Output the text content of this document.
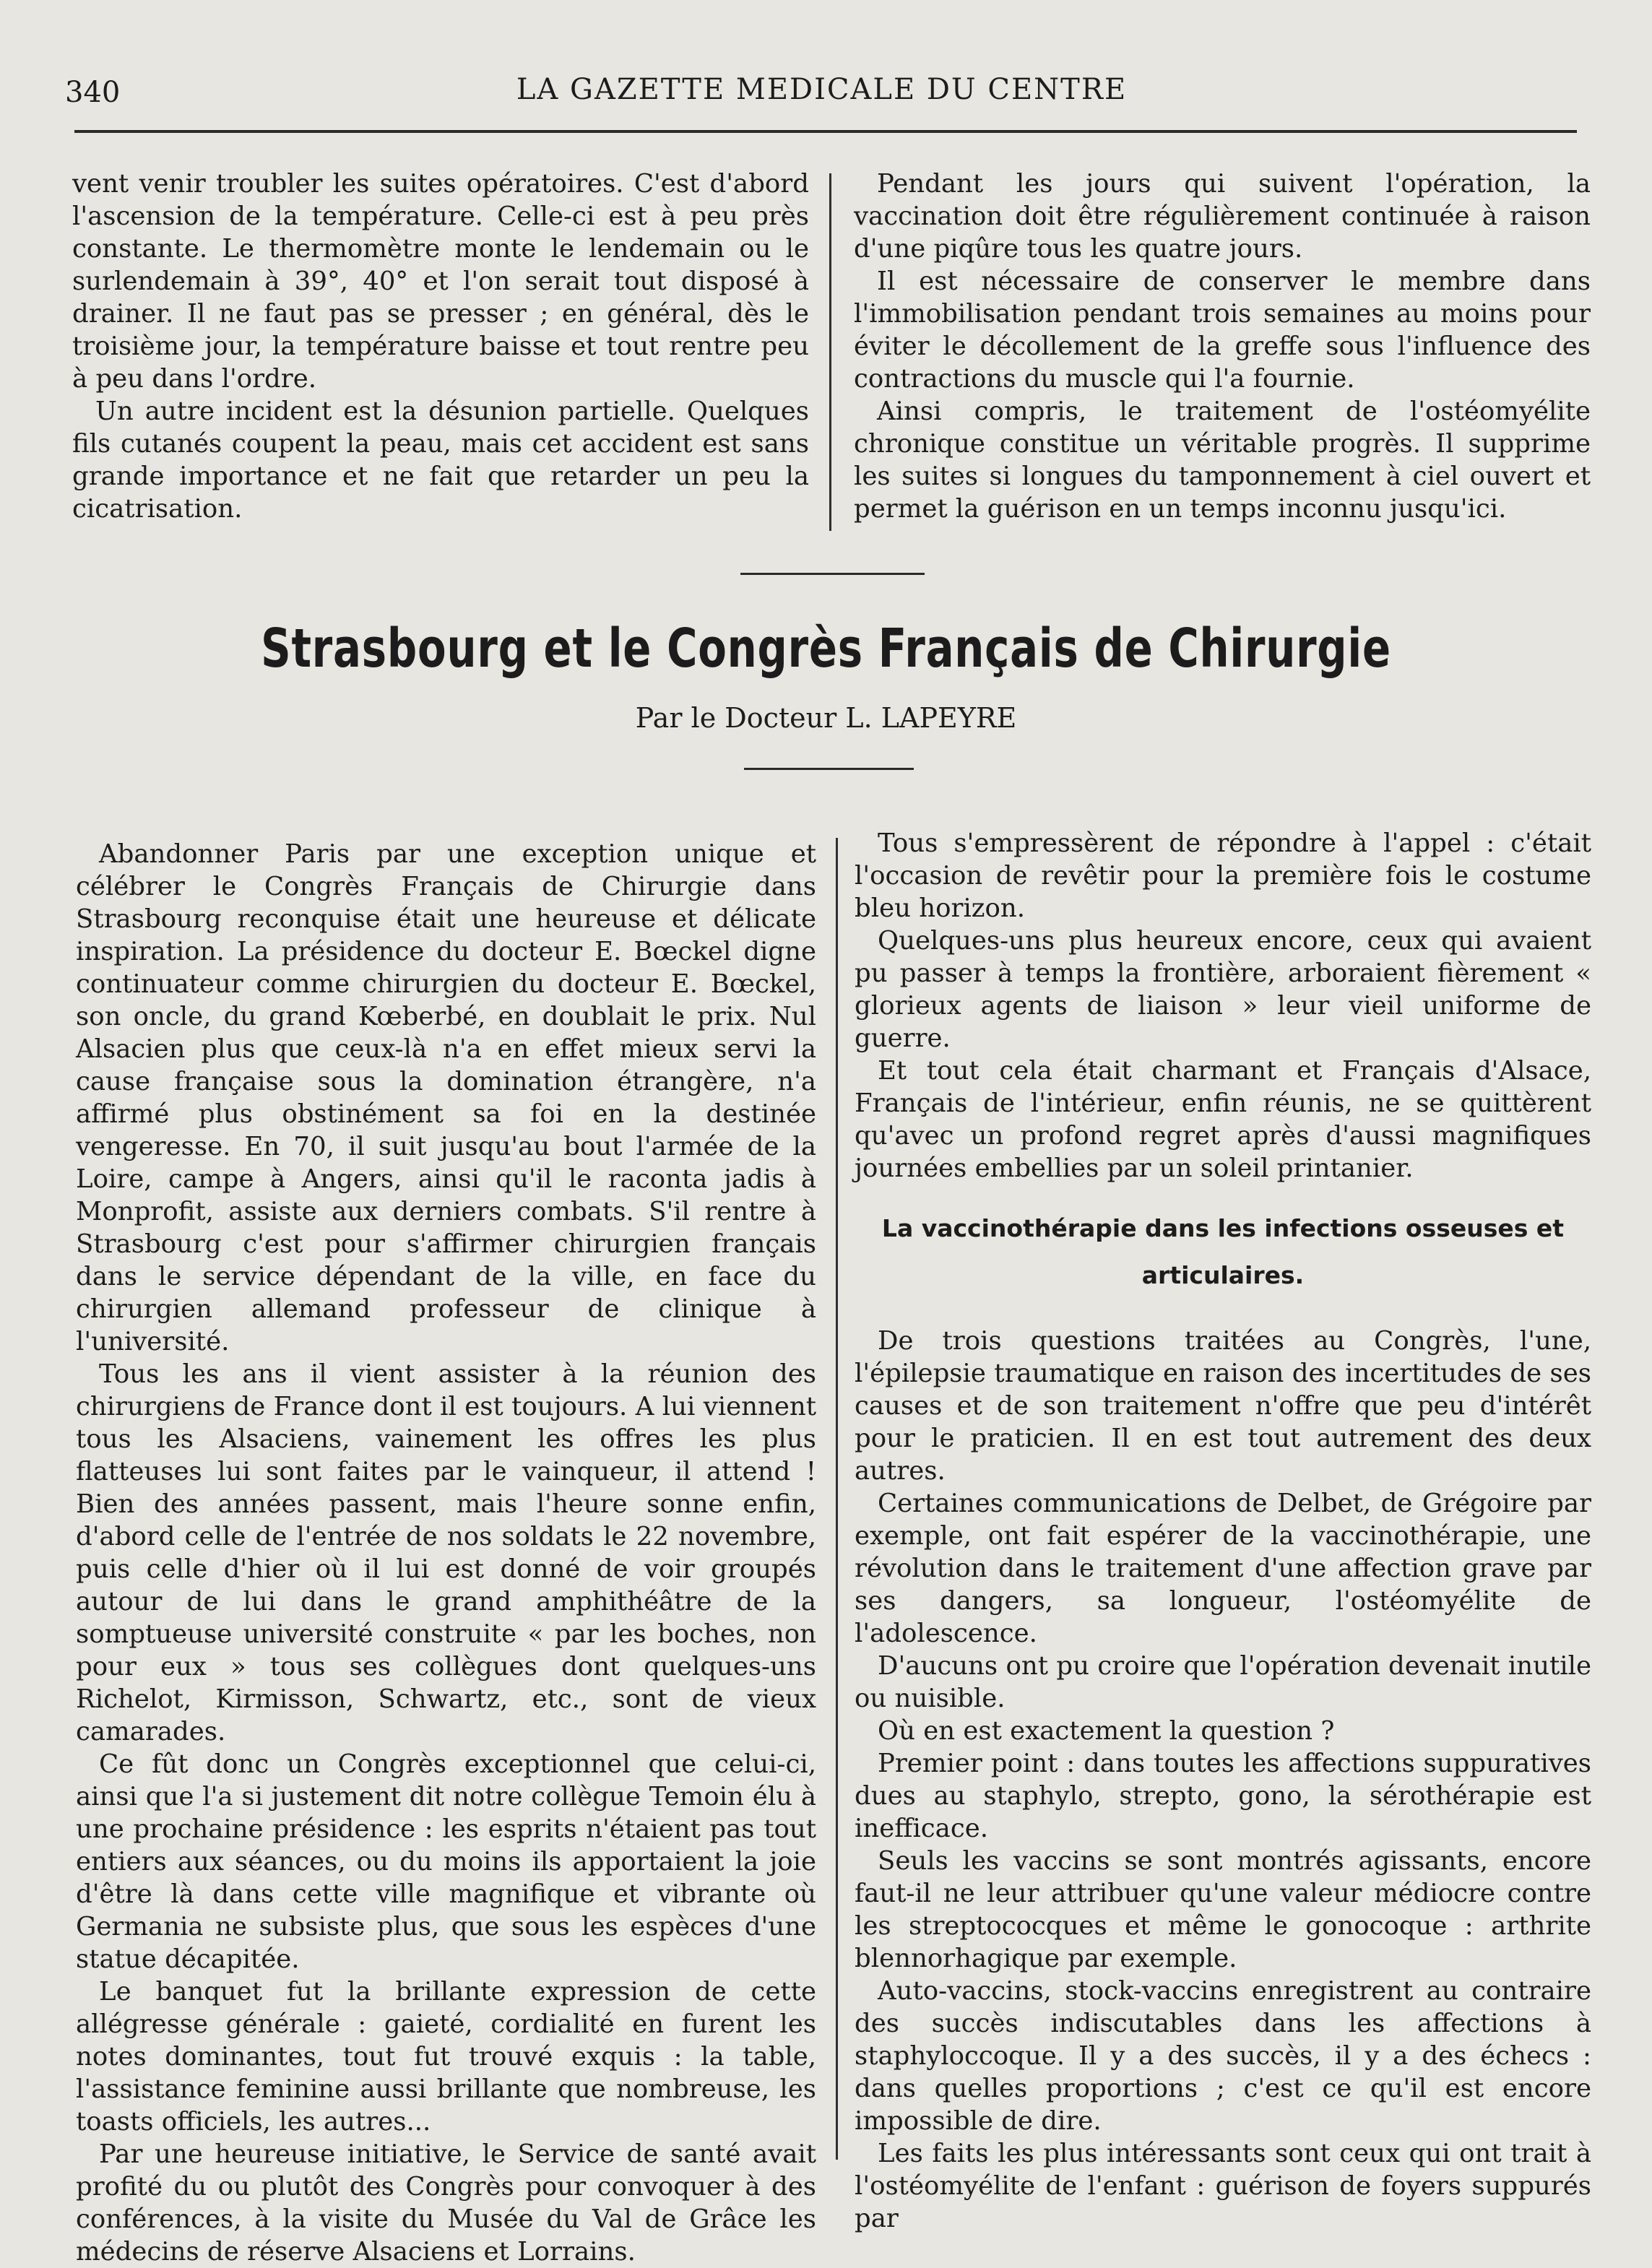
340	LA GAZETTE MEDICALE DU CENTRE

vent venir troubler les suites opératoires. C'est d'abord l'ascension de la température. Celle-ci est à peu près constante. Le thermomètre monte le lendemain ou le surlendemain à 39°, 40° et l'on serait tout disposé à drainer. Il ne faut pas se presser ; en général, dès le troisième jour, la température baisse et tout rentre peu à peu dans l'ordre.

Un autre incident est la désunion partielle. Quelques fils cutanés coupent la peau, mais cet accident est sans grande importance et ne fait que retarder un peu la cicatrisation.

Pendant les jours qui suivent l'opération, la vaccination doit être régulièrement continuée à raison d'une piqûre tous les quatre jours.

Il est nécessaire de conserver le membre dans l'immobilisation pendant trois semaines au moins pour éviter le décollement de la greffe sous l'influence des contractions du muscle qui l'a fournie.

Ainsi compris, le traitement de l'ostéomyélite chronique constitue un véritable progrès. Il supprime les suites si longues du tamponnement à ciel ouvert et permet la guérison en un temps inconnu jusqu'ici.

Strasbourg et le Congrès Français de Chirurgie
Par le Docteur L. LAPEYRE

Abandonner Paris par une exception unique et célébrer le Congrès Français de Chirurgie dans Strasbourg reconquise était une heureuse et délicate inspiration. La présidence du docteur E. Bœckel digne continuateur comme chirurgien du docteur E. Bœckel, son oncle, du grand Kœberbé, en doublait le prix. Nul Alsacien plus que ceux-là n'a en effet mieux servi la cause française sous la domination étrangère, n'a affirmé plus obstinément sa foi en la destinée vengeresse. En 70, il suit jusqu'au bout l'armée de la Loire, campe à Angers, ainsi qu'il le raconta jadis à Monprofit, assiste aux derniers combats. S'il rentre à Strasbourg c'est pour s'affirmer chirurgien français dans le service dépendant de la ville, en face du chirurgien allemand professeur de clinique à l'université.

Tous les ans il vient assister à la réunion des chirurgiens de France dont il est toujours. A lui viennent tous les Alsaciens, vainement les offres les plus flatteuses lui sont faites par le vainqueur, il attend ! Bien des années passent, mais l'heure sonne enfin, d'abord celle de l'entrée de nos soldats le 22 novembre, puis celle d'hier où il lui est donné de voir groupés autour de lui dans le grand amphithéâtre de la somptueuse université construite « par les boches, non pour eux » tous ses collègues dont quelques-uns Richelot, Kirmisson, Schwartz, etc., sont de vieux camarades.

Ce fût donc un Congrès exceptionnel que celui-ci, ainsi que l'a si justement dit notre collègue Temoin élu à une prochaine présidence : les esprits n'étaient pas tout entiers aux séances, ou du moins ils apportaient la joie d'être là dans cette ville magnifique et vibrante où Germania ne subsiste plus, que sous les espèces d'une statue décapitée.

Le banquet fut la brillante expression de cette allégresse générale : gaieté, cordialité en furent les notes dominantes, tout fut trouvé exquis : la table, l'assistance feminine aussi brillante que nombreuse, les toasts officiels, les autres...

Par une heureuse initiative, le Service de santé avait profité du ou plutôt des Congrès pour convoquer à des conférences, à la visite du Musée du Val de Grâce les médecins de réserve Alsaciens et Lorrains.

Tous s'empressèrent de répondre à l'appel : c'était l'occasion de revêtir pour la première fois le costume bleu horizon.

Quelques-uns plus heureux encore, ceux qui avaient pu passer à temps la frontière, arboraient fièrement « glorieux agents de liaison » leur vieil uniforme de guerre.

Et tout cela était charmant et Français d'Alsace, Français de l'intérieur, enfin réunis, ne se quittèrent qu'avec un profond regret après d'aussi magnifiques journées embellies par un soleil printanier.

La vaccinothérapie dans les infections osseuses et articulaires.

De trois questions traitées au Congrès, l'une, l'épilepsie traumatique en raison des incertitudes de ses causes et de son traitement n'offre que peu d'intérêt pour le praticien. Il en est tout autrement des deux autres.

Certaines communications de Delbet, de Grégoire par exemple, ont fait espérer de la vaccinothérapie, une révolution dans le traitement d'une affection grave par ses dangers, sa longueur, l'ostéomyélite de l'adolescence.

D'aucuns ont pu croire que l'opération devenait inutile ou nuisible.

Où en est exactement la question ?

Premier point : dans toutes les affections suppuratives dues au staphylo, strepto, gono, la sérothérapie est inefficace.

Seuls les vaccins se sont montrés agissants, encore faut-il ne leur attribuer qu'une valeur médiocre contre les streptococques et même le gonocoque : arthrite blennorhagique par exemple.

Auto-vaccins, stock-vaccins enregistrent au contraire des succès indiscutables dans les affections à staphyloccoque. Il y a des succès, il y a des échecs : dans quelles proportions ; c'est ce qu'il est encore impossible de dire.

Les faits les plus intéressants sont ceux qui ont trait à l'ostéomyélite de l'enfant : guérison de foyers suppurés par
